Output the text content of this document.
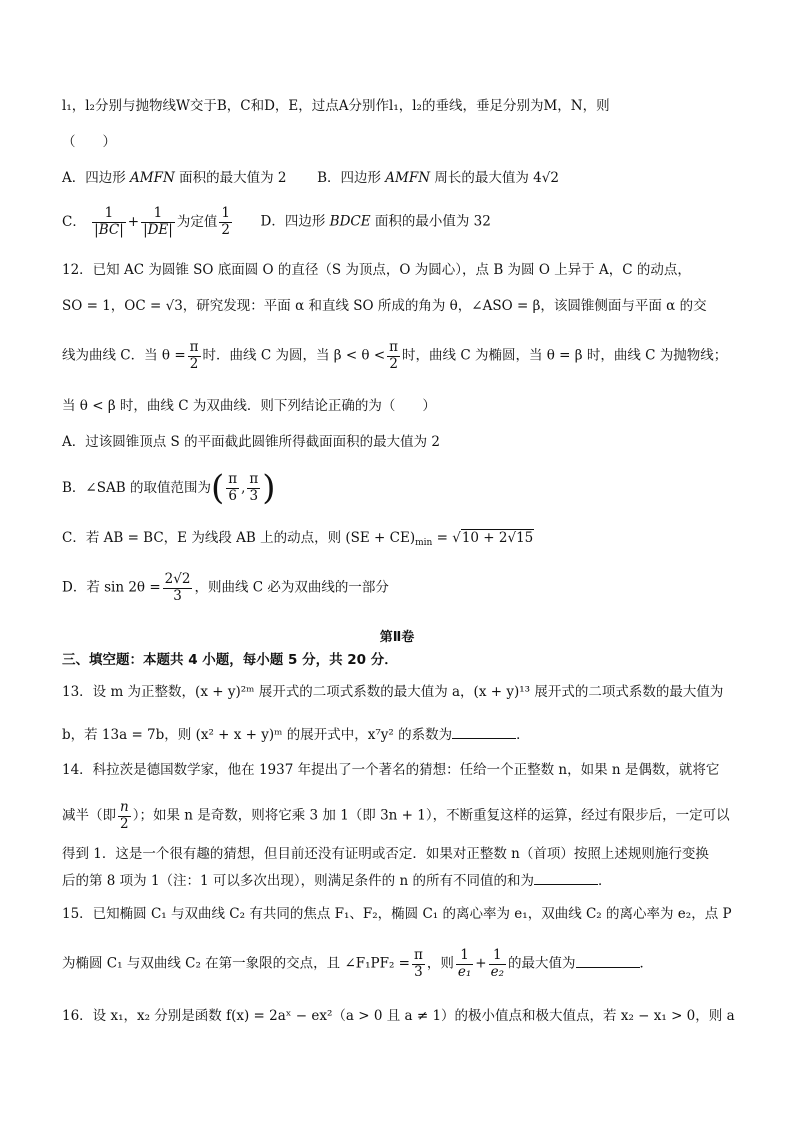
l₁，l₂分别与抛物线W交于B，C和D，E，过点A分别作l₁，l₂的垂线，垂足分别为M，N，则
（　　）
A．四边形 AMFN 面积的最大值为 2 B．四边形 AMFN 周长的最大值为 4√2
C． $\frac{1}{|BC|} + \frac{1}{|DE|}$ 为定值 $\frac{1}{2}$ D．四边形 BDCE 面积的最小值为 32
12．已知 AC 为圆锥 SO 底面圆 O 的直径（S 为顶点，O 为圆心），点 B 为圆 O 上异于 A，C 的动点，
SO = 1，OC = √3，研究发现：平面 α 和直线 SO 所成的角为 θ，∠ASO = β，该圆锥侧面与平面 α 的交
线为曲线 C．当 $\theta = \frac{\pi}{2}$ 时．曲线 C 为圆，当 $\beta < \theta < \frac{\pi}{2}$ 时，曲线 C 为椭圆，当 θ = β 时，曲线 C 为抛物线；
当 θ < β 时，曲线 C 为双曲线．则下列结论正确的为（　　）
A．过该圆锥顶点 S 的平面截此圆锥所得截面面积的最大值为 2
B．∠SAB 的取值范围为( $\frac{\pi}{6}$ , $\frac{\pi}{3}$ )
C．若 AB = BC，E 为线段 AB 上的动点，则 $(SE + CE)_{min} = √10 + 2√15$
D．若 $\sin 2\theta = \frac{2√2}{3}$ ，则曲线 C 必为双曲线的一部分
第Ⅱ卷
三、填空题：本题共 4 小题，每小题 5 分，共 20 分．
13．设 m 为正整数，(x + y)²ᵐ 展开式的二项式系数的最大值为 a，(x + y)¹³ 展开式的二项式系数的最大值为
b，若 13a = 7b，则 (x² + x + y)ᵐ 的展开式中，x⁷y² 的系数为	．
14．科拉茨是德国数学家，他在 1937 年提出了一个著名的猜想：任给一个正整数 n，如果 n 是偶数，就将它
减半（即 $\frac{n}{2}$ ）；如果 n 是奇数，则将它乘 3 加 1（即 3n + 1），不断重复这样的运算，经过有限步后，一定可以
得到 1．这是一个很有趣的猜想，但目前还没有证明或否定．如果对正整数 n（首项）按照上述规则施行变换
后的第 8 项为 1（注：1 可以多次出现），则满足条件的 n 的所有不同值的和为	．
15．已知椭圆 C₁ 与双曲线 C₂ 有共同的焦点 F₁、F₂，椭圆 C₁ 的离心率为 e₁，双曲线 C₂ 的离心率为 e₂，点 P
为椭圆 C₁ 与双曲线 C₂ 在第一象限的交点，且 ∠F₁PF₂ = $\frac{\pi}{3}$ ，则 $\frac{1}{\text{e₁}} + \frac{1}{\text{e₂}}$ 的最大值为	．
16．设 x₁，x₂ 分别是函数 f(x) = 2aˣ − ex²（a > 0 且 a ≠ 1）的极小值点和极大值点，若 x₂ − x₁ > 0，则 a
